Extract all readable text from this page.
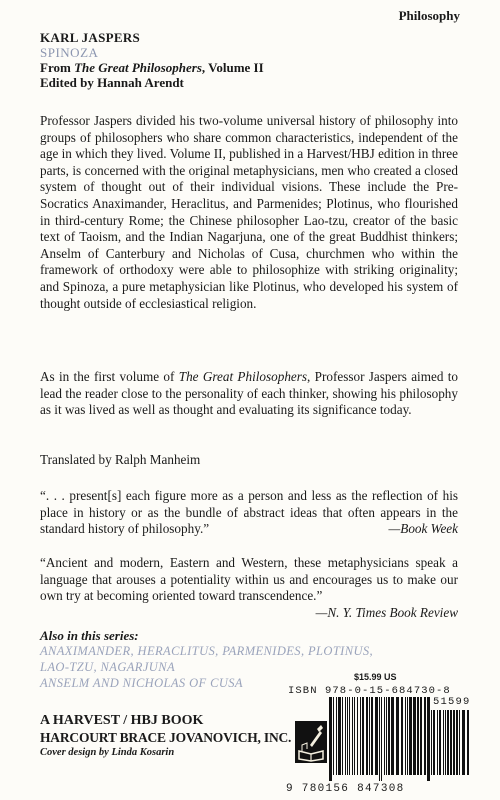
Philosophy
KARL JASPERS
SPINOZA
From The Great Philosophers, Volume II
Edited by Hannah Arendt
Professor Jaspers divided his two-volume universal history of philosophy into groups of philosophers who share common characteristics, independent of the age in which they lived. Volume II, published in a Harvest/HBJ edition in three parts, is concerned with the original metaphysicians, men who created a closed system of thought out of their individual visions. These include the Pre-Socratics Anaximander, Heraclitus, and Parmenides; Plotinus, who flourished in third-century Rome; the Chinese philosopher Lao-tzu, creator of the basic text of Taoism, and the Indian Nagarjuna, one of the great Buddhist thinkers; Anselm of Canterbury and Nicholas of Cusa, churchmen who within the framework of orthodoxy were able to philosophize with striking originality; and Spinoza, a pure metaphysician like Plotinus, who developed his system of thought outside of ecclesiastical religion.
As in the first volume of The Great Philosophers, Professor Jaspers aimed to lead the reader close to the personality of each thinker, showing his philosophy as it was lived as well as thought and evaluating its significance today.
Translated by Ralph Manheim
“. . . present[s] each figure more as a person and less as the reflection of his place in history or as the bundle of abstract ideas that often appears in the standard history of philosophy.”	—Book Week
“Ancient and modern, Eastern and Western, these metaphysicians speak a language that arouses a potentiality within us and encourages us to make our own try at becoming oriented toward transcendence.”
—N. Y. Times Book Review
Also in this series:
ANAXIMANDER, HERACLITUS, PARMENIDES, PLOTINUS,
LAO-TZU, NAGARJUNA
ANSELM AND NICHOLAS OF CUSA
A HARVEST / HBJ BOOK
HARCOURT BRACE JOVANOVICH, INC.
Cover design by Linda Kosarin
$15.99 US
ISBN 978-0-15-684730-8
51599
9 780156 847308
